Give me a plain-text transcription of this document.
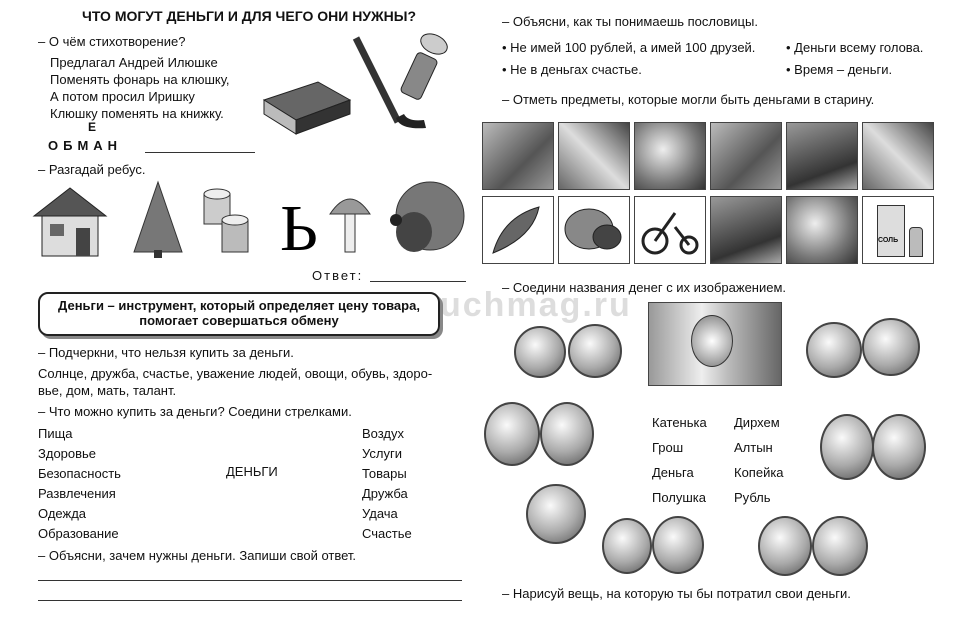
ЧТО МОГУТ ДЕНЬГИ И ДЛЯ ЧЕГО ОНИ НУЖНЫ?
– О чём стихотворение?
Предлагал Андрей Илюшке
Поменять фонарь на клюшку,
А потом просил Иришку
Клюшку поменять на книжку.
Е
ОБМАН
– Разгадай ребус.
Ь
Ответ:
Деньги – инструмент, который определяет цену товара,
помогает совершаться обмену
– Подчеркни, что нельзя купить за деньги.
Солнце, дружба, счастье, уважение людей, овощи, обувь, здоро-
вье, дом, мать, талант.
– Что можно купить за деньги? Соедини стрелками.
Пища
Здоровье
Безопасность
Развлечения
Одежда
Образование
ДЕНЬГИ
Воздух
Услуги
Товары
Дружба
Удача
Счастье
– Объясни, зачем нужны деньги. Запиши свой ответ.
– Объясни, как ты понимаешь пословицы.
• Не имей 100 рублей, а имей 100 друзей. • Деньги всему голова.
• Не в деньгах счастье.	• Время – деньги.
– Отметь предметы, которые могли быть деньгами в старину.
СОЛЬ
– Соедини названия денег с их изображением.
uchmag.ru
Катенька
Грош
Деньга
Полушка
Дирхем
Алтын
Копейка
Рубль
– Нарисуй вещь, на которую ты бы потратил свои деньги.
